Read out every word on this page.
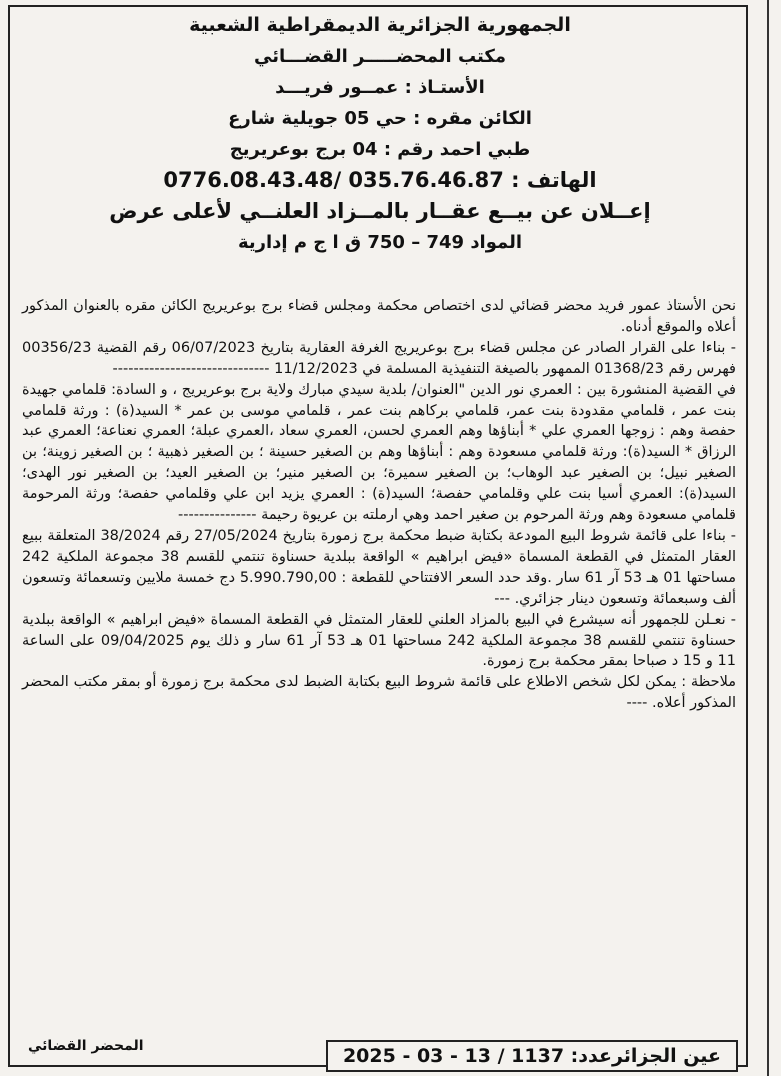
الجمهورية الجزائرية الديمقراطية الشعبية
مكتب المحضـــــر القضـــائي
الأستـاذ : عمــور فريـــد
الكائن مقره : حي 05 جويلية شارع
طبي احمد رقم : 04 برج بوعريريج
الهاتف : 035.76.46.87 /0776.08.43.48
إعــلان عن بيــع عقــار بالمــزاد العلنــي لأعلى عرض
المواد 749 – 750 ق ا ج م إدارية

نحن الأستاذ عمور فريد محضر قضائي لدى اختصاص محكمة ومجلس قضاء برج بوعريريج الكائن مقره بالعنوان المذكور أعلاه والموقع أدناه.

- بناءا على القرار الصادر عن مجلس قضاء برج بوعريريج الغرفة العقارية بتاريخ 06/07/2023 رقم القضية 00356/23 فهرس رقم 01368/23 الممهور بالصيغة التنفيذية المسلمة في 11/12/2023 ------------------------------

في القضية المنشورة بين : العمري نور الدين "العنوان/ بلدية سيدي مبارك ولاية برج بوعريريج ، و السادة: قلمامي جهيدة بنت عمر ، قلمامي مقدودة بنت عمر، قلمامي بركاهم بنت عمر ، قلمامي موسى بن عمر * السيد(ة) : ورثة قلمامي حفصة وهم : زوجها العمري علي * أبناؤها وهم العمري لحسن، العمري سعاد ،العمري عبلة؛ العمري نعناعة؛ العمري عبد الرزاق * السيد(ة): ورثة قلمامي مسعودة وهم : أبناؤها وهم بن الصغير حسينة ؛ بن الصغير ذهبية ؛ بن الصغير زوينة؛ بن الصغير نبيل؛ بن الصغير عبد الوهاب؛ بن الصغير سميرة؛ بن الصغير منير؛ بن الصغير العيد؛ بن الصغير نور الهدى؛ السيد(ة): العمري أسيا بنت علي وقلمامي حفصة؛ السيد(ة) : العمري يزيد ابن علي وقلمامي حفصة؛ ورثة المرحومة قلمامي مسعودة وهم ورثة المرحوم بن صغير احمد وهي ارملته بن عريوة رحيمة ---------------

- بناءا على قائمة شروط البيع المودعة بكتابة ضبط محكمة برج زمورة بتاريخ 27/05/2024 رقم 38/2024 المتعلقة ببيع العقار المتمثل في القطعة المسماة «فيض ابراهيم » الواقعة ببلدية حسناوة تنتمي للقسم 38 مجموعة الملكية 242 مساحتها 01 هـ 53 آر 61 سار .وقد حدد السعر الافتتاحي للقطعة : 5.990.790,00 دج خمسة ملايين وتسعمائة وتسعون ألف وسبعمائة وتسعون دينار جزائري. ---

- نعـلن للجمهور أنه سيشرع في البيع بالمزاد العلني للعقار المتمثل في القطعة المسماة «فيض ابراهيم » الواقعة ببلدية حسناوة تنتمي للقسم 38 مجموعة الملكية 242 مساحتها 01 هـ 53 آر 61 سار و ذلك يوم 09/04/2025 على الساعة 11 و 15 د صباحا بمقر محكمة برج زمورة.

ملاحظة : يمكن لكل شخص الاطلاع على قائمة شروط البيع بكتابة الضبط لدى محكمة برج زمورة أو بمقر مكتب المحضر المذكور أعلاه. ----

المحضر القضائي	عين الجزائرعدد: 1137 / 13 - 03 - 2025
